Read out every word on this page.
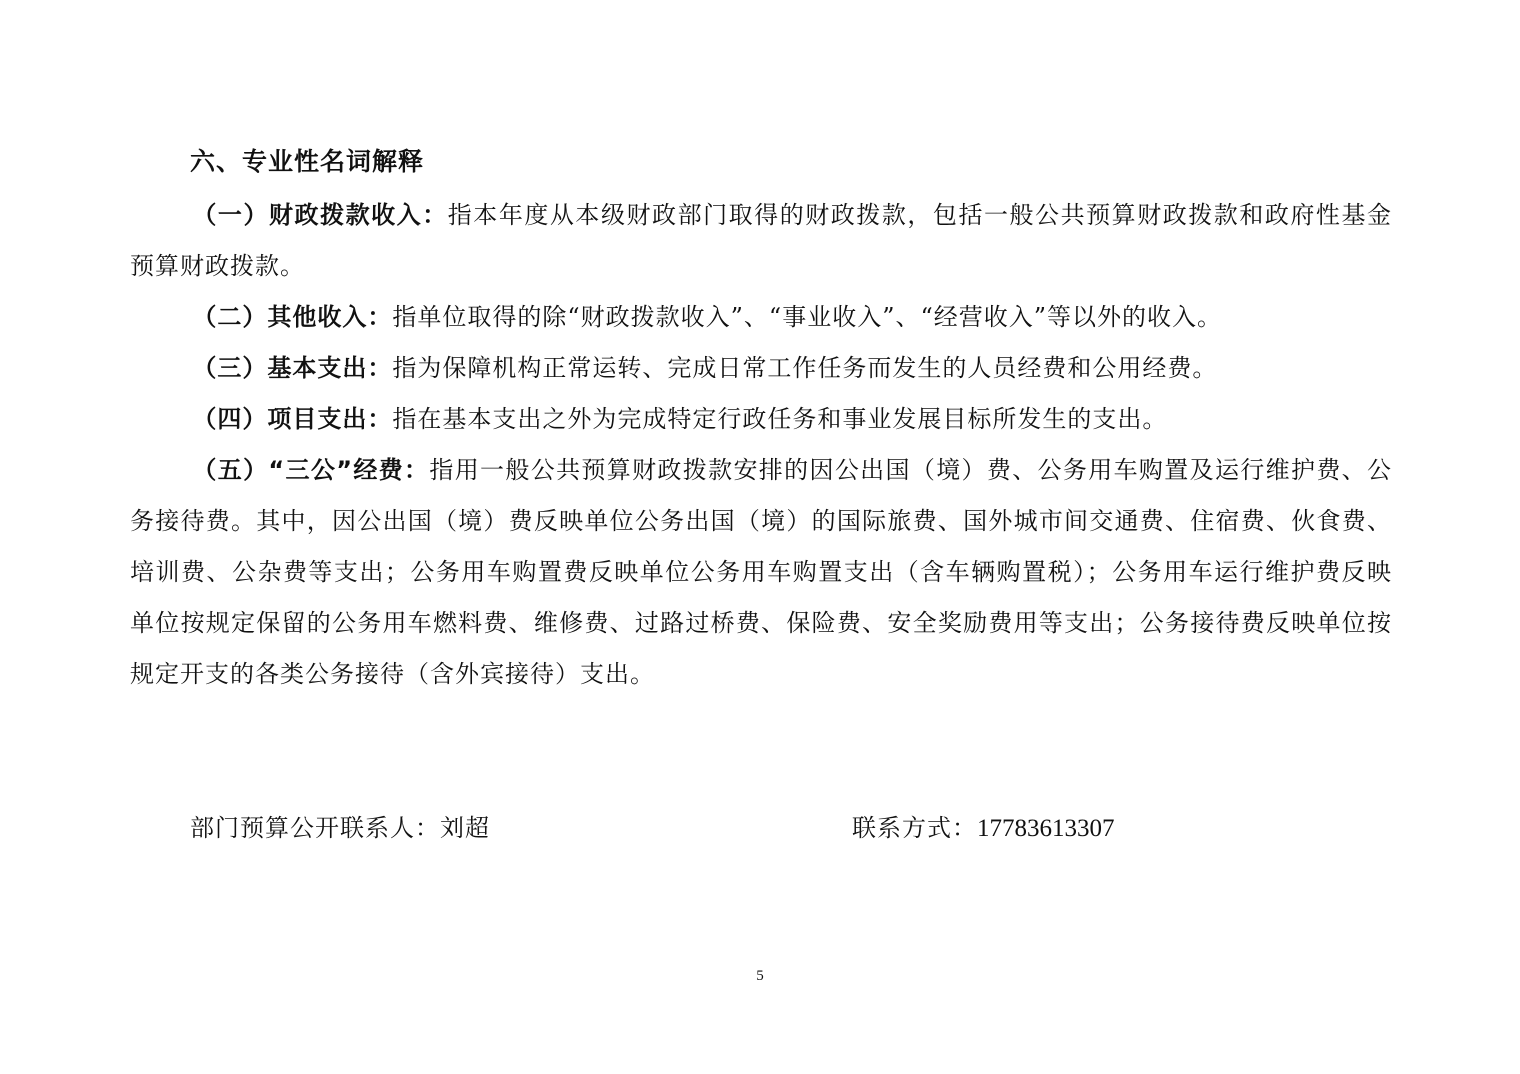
六、专业性名词解释

（一）财政拨款收入：指本年度从本级财政部门取得的财政拨款，包括一般公共预算财政拨款和政府性基金预算财政拨款。

（二）其他收入：指单位取得的除“财政拨款收入”、“事业收入”、“经营收入”等以外的收入。

（三）基本支出：指为保障机构正常运转、完成日常工作任务而发生的人员经费和公用经费。

（四）项目支出：指在基本支出之外为完成特定行政任务和事业发展目标所发生的支出。

（五）“三公”经费：指用一般公共预算财政拨款安排的因公出国（境）费、公务用车购置及运行维护费、公务接待费。其中，因公出国（境）费反映单位公务出国（境）的国际旅费、国外城市间交通费、住宿费、伙食费、培训费、公杂费等支出；公务用车购置费反映单位公务用车购置支出（含车辆购置税）；公务用车运行维护费反映单位按规定保留的公务用车燃料费、维修费、过路过桥费、保险费、安全奖励费用等支出；公务接待费反映单位按规定开支的各类公务接待（含外宾接待）支出。

部门预算公开联系人：刘超	联系方式：17783613307
5
